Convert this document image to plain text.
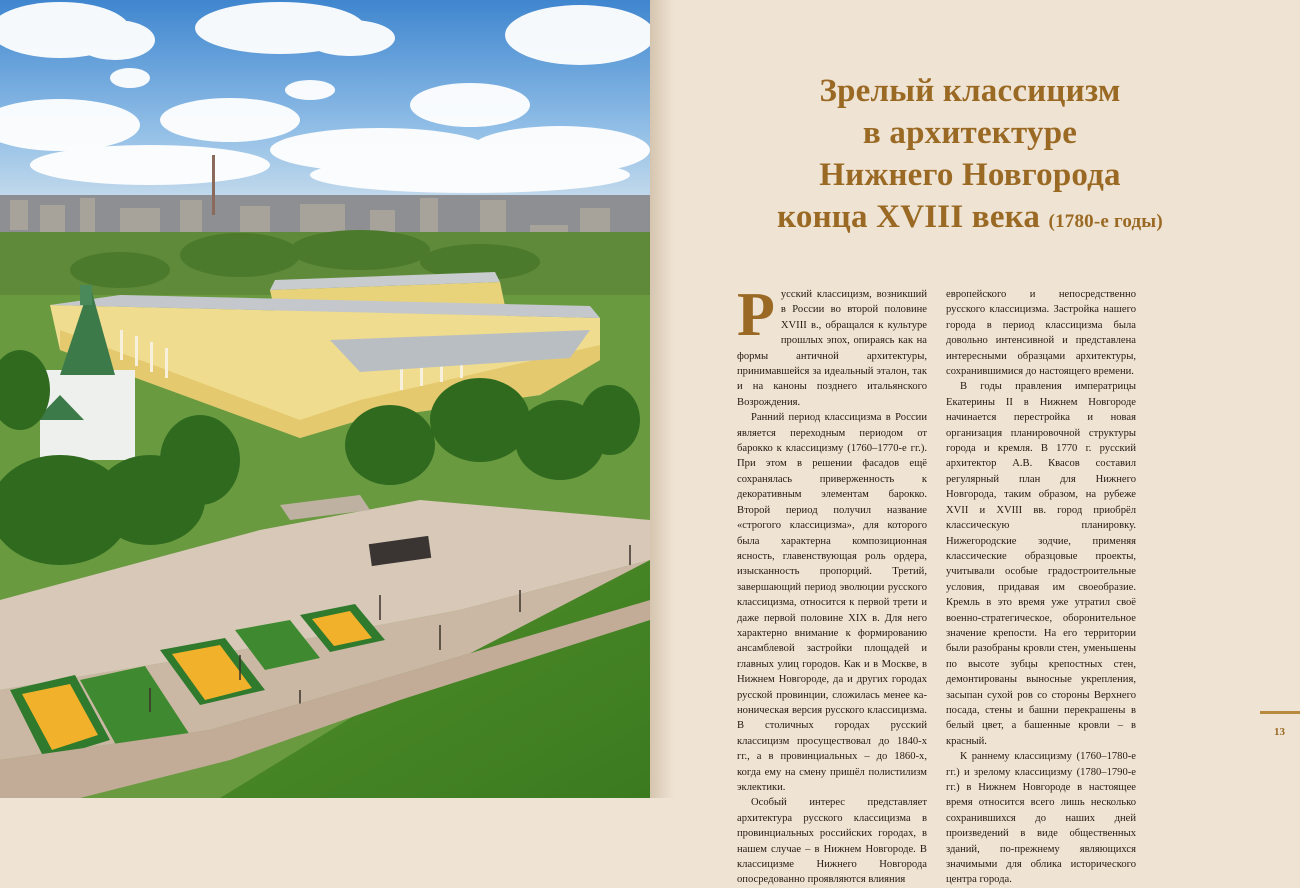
Зрелый классицизм
в архитектуре
Нижнего Новгорода
конца XVIII века (1780-е годы)

Русский классицизм, возникший в России во второй половине XVIII в., обращался к культуре прошлых эпох, опираясь как на формы античной архитектуры, принимавшейся за идеальный эталон, так и на каноны позднего итальянского Возрождения.

Ранний период классицизма в России является переходным периодом от барокко к классицизму (1760–1770-е гг.). При этом в решении фасадов ещё сохранялась приверженность к декоративным элементам барокко. Второй период получил название «строгого классицизма», для которого была характерна композиционная ясность, главенствующая роль ордера, изысканность пропорций. Третий, завершающий период эволюции русского классицизма, относится к первой трети и даже первой половине XIX в. Для него характерно внимание к формированию ансамблевой застройки площадей и главных улиц городов. Как и в Москве, в Нижнем Новгороде, да и других городах русской провинции, сложилась менее каноническая версия русского классицизма. В столичных городах русский классицизм просуществовал до 1840-х гг., а в провинциальных – до 1860-х, когда ему на смену пришёл полистилизм эклектики.

Особый интерес представляет архитектура русского классицизма в провинциальных российских городах, в нашем случае – в Нижнем Новгороде. В классицизме Нижнего Новгорода опосредованно проявляются влияния

европейского и непосредственно русского классицизма. Застройка нашего города в период классицизма была довольно интенсивной и представлена интересными образцами архитектуры, сохранившимися до настоящего времени.

В годы правления императрицы Екатерины II в Нижнем Новгороде начинается перестройка и новая организация планировочной структуры города и кремля. В 1770 г. русский архитектор А.В. Квасов составил регулярный план для Нижнего Новгорода, таким образом, на рубеже XVII и XVIII вв. город приобрёл классическую планировку. Нижегородские зодчие, применяя классические образцовые проекты, учитывали особые градостроительные условия, придавая им своеобразие. Кремль в это время уже утратил своё военно-стратегическое, оборонительное значение крепости. На его территории были разобраны кровли стен, уменьшены по высоте зубцы крепостных стен, демонтированы выносные укрепления, засыпан сухой ров со стороны Верхнего посада, стены и башни перекрашены в белый цвет, а башенные кровли – в красный.

К раннему классицизму (1760–1780-е гг.) и зрелому классицизму (1780–1790-е гг.) в Нижнем Новгороде в настоящее время относится всего лишь несколько сохранившихся до наших дней произведений в виде общественных зданий, по-прежнему являющихся значимыми для облика исторического центра города.

13
